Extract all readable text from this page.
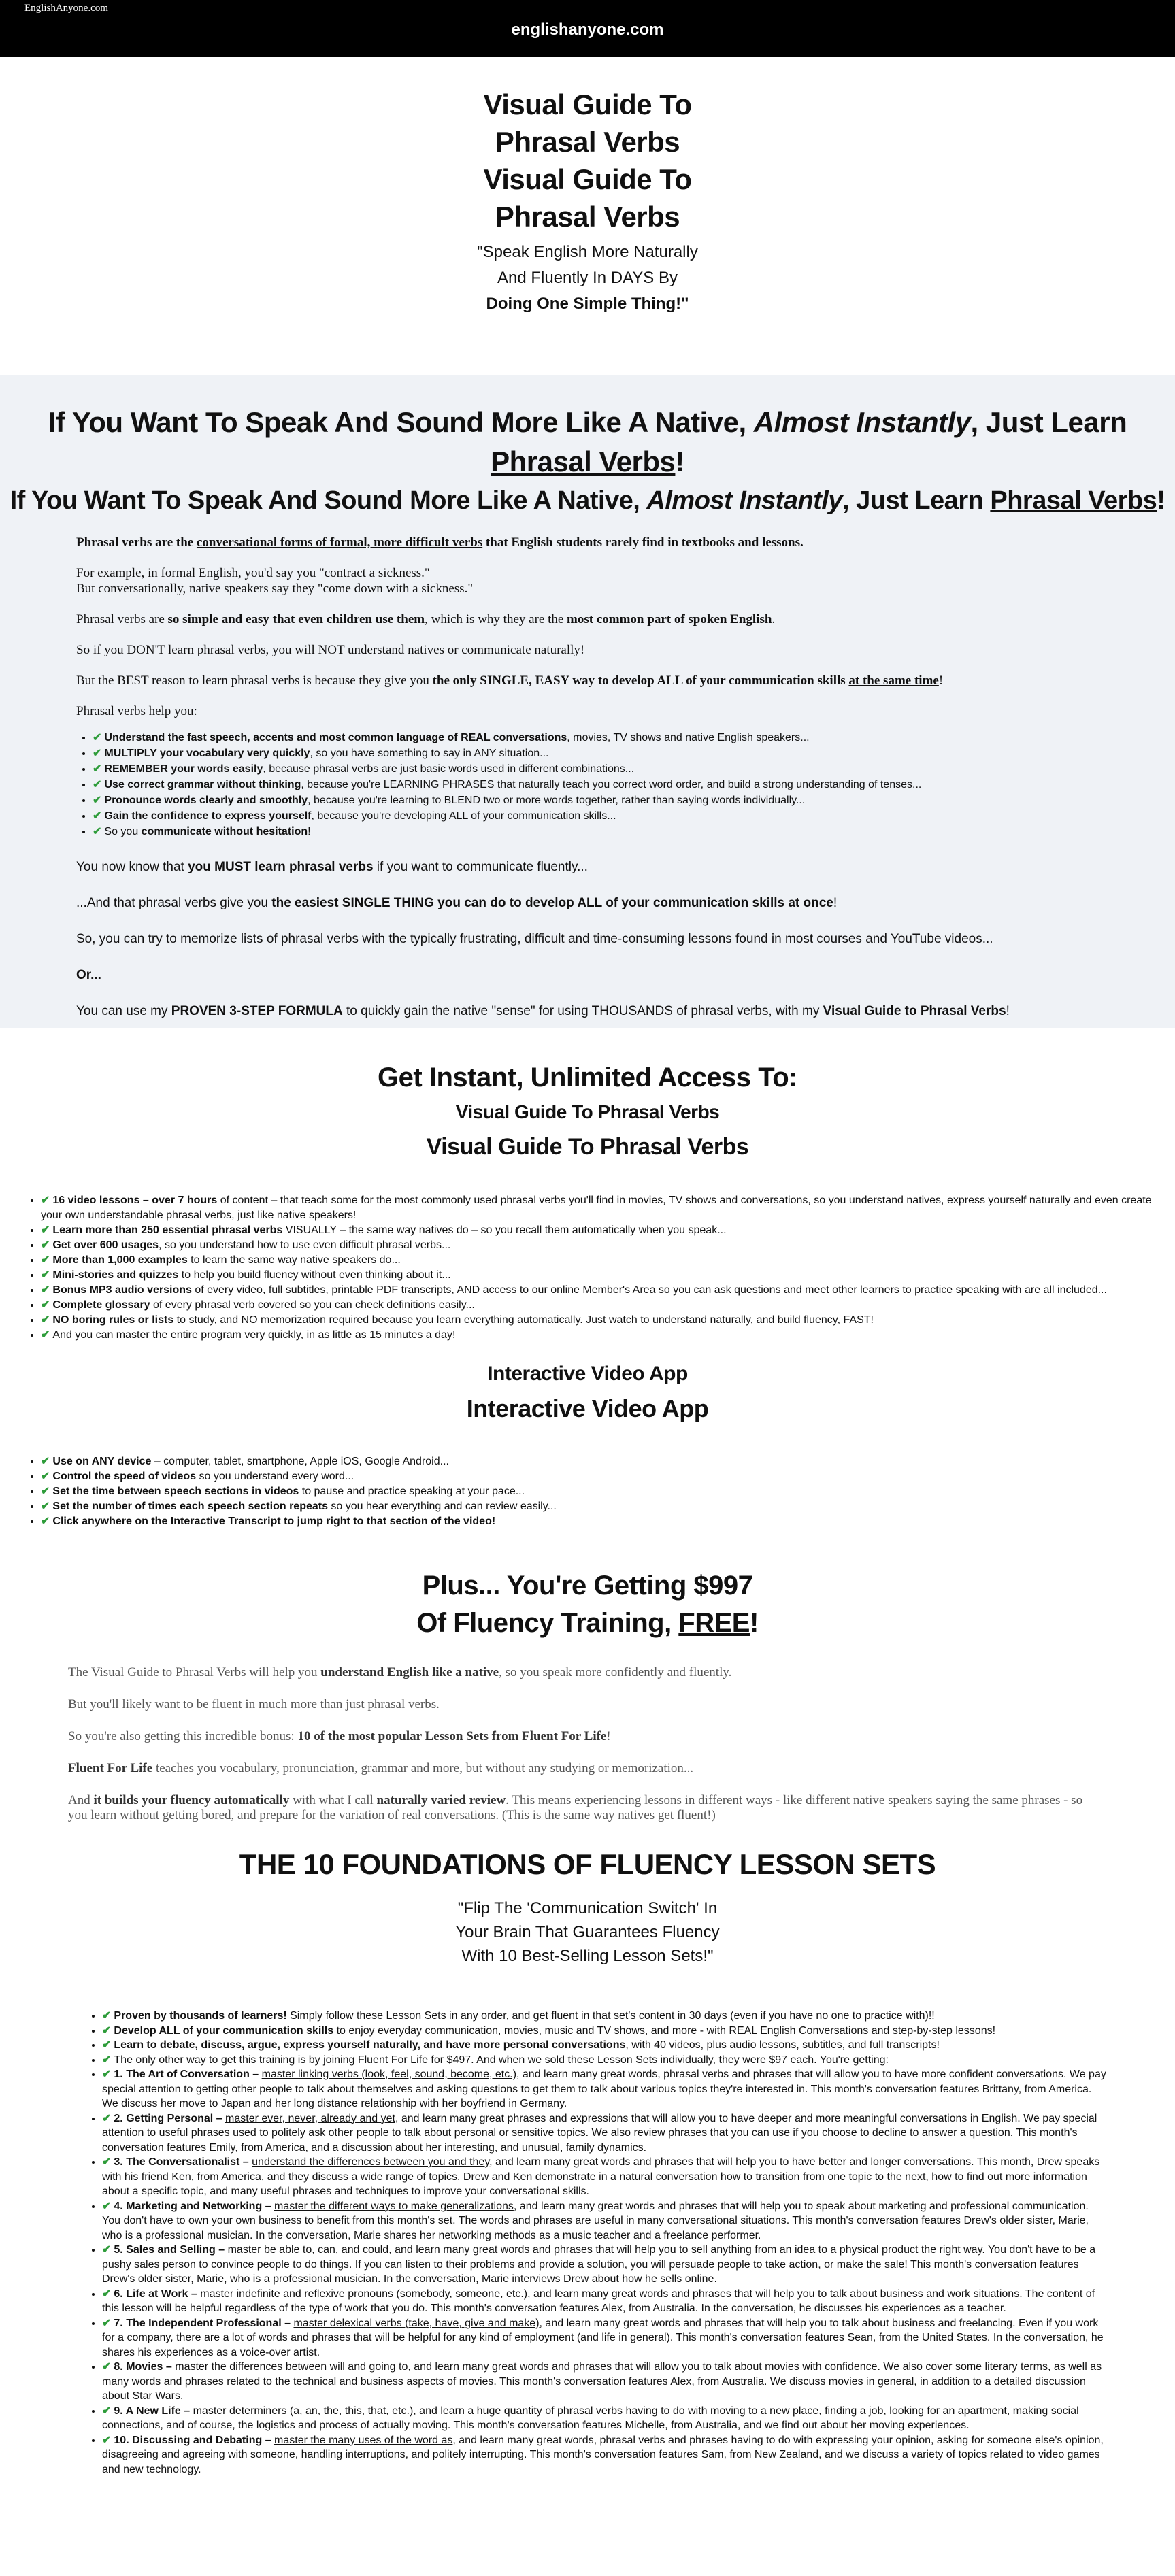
EnglishAnyone.com
englishanyone.com
Visual Guide To
Phrasal Verbs
Visual Guide To
Phrasal Verbs
"Speak English More Naturally
And Fluently In DAYS By
Doing One Simple Thing!"
If You Want To Speak And Sound More Like A Native, Almost Instantly, Just Learn Phrasal Verbs!
If You Want To Speak And Sound More Like A Native, Almost Instantly, Just Learn Phrasal Verbs!

Phrasal verbs are the conversational forms of formal, more difficult verbs that English students rarely find in textbooks and lessons.

For example, in formal English, you'd say you "contract a sickness."
But conversationally, native speakers say they "come down with a sickness."

Phrasal verbs are so simple and easy that even children use them, which is why they are the most common part of spoken English.

So if you DON'T learn phrasal verbs, you will NOT understand natives or communicate naturally!

But the BEST reason to learn phrasal verbs is because they give you the only SINGLE, EASY way to develop ALL of your communication skills at the same time!

Phrasal verbs help you:

• ✔ Understand the fast speech, accents and most common language of REAL conversations, movies, TV shows and native English speakers...
• ✔ MULTIPLY your vocabulary very quickly, so you have something to say in ANY situation...
• ✔ REMEMBER your words easily, because phrasal verbs are just basic words used in different combinations...
• ✔ Use correct grammar without thinking, because you're LEARNING PHRASES that naturally teach you correct word order, and build a strong understanding of tenses...
• ✔ Pronounce words clearly and smoothly, because you're learning to BLEND two or more words together, rather than saying words individually...
• ✔ Gain the confidence to express yourself, because you're developing ALL of your communication skills...
• ✔ So you communicate without hesitation!

You now know that you MUST learn phrasal verbs if you want to communicate fluently...

...And that phrasal verbs give you the easiest SINGLE THING you can do to develop ALL of your communication skills at once!

So, you can try to memorize lists of phrasal verbs with the typically frustrating, difficult and time-consuming lessons found in most courses and YouTube videos...

Or...

You can use my PROVEN 3-STEP FORMULA to quickly gain the native "sense" for using THOUSANDS of phrasal verbs, with my Visual Guide to Phrasal Verbs!

Get Instant, Unlimited Access To:
Visual Guide To Phrasal Verbs
Visual Guide To Phrasal Verbs
• ✔ 16 video lessons – over 7 hours of content – that teach some for the most commonly used phrasal verbs you'll find in movies, TV shows and conversations, so you understand natives, express yourself naturally and even create your own understandable phrasal verbs, just like native speakers!
• ✔ Learn more than 250 essential phrasal verbs VISUALLY – the same way natives do – so you recall them automatically when you speak...
• ✔ Get over 600 usages, so you understand how to use even difficult phrasal verbs...
• ✔ More than 1,000 examples to learn the same way native speakers do...
• ✔ Mini-stories and quizzes to help you build fluency without even thinking about it...
• ✔ Bonus MP3 audio versions of every video, full subtitles, printable PDF transcripts, AND access to our online Member's Area so you can ask questions and meet other learners to practice speaking with are all included...
• ✔ Complete glossary of every phrasal verb covered so you can check definitions easily...
• ✔ NO boring rules or lists to study, and NO memorization required because you learn everything automatically. Just watch to understand naturally, and build fluency, FAST!
• ✔ And you can master the entire program very quickly, in as little as 15 minutes a day!
Interactive Video App
Interactive Video App
• ✔ Use on ANY device – computer, tablet, smartphone, Apple iOS, Google Android...
• ✔ Control the speed of videos so you understand every word...
• ✔ Set the time between speech sections in videos to pause and practice speaking at your pace...
• ✔ Set the number of times each speech section repeats so you hear everything and can review easily...
• ✔ Click anywhere on the Interactive Transcript to jump right to that section of the video!
Plus... You're Getting $997
Of Fluency Training, FREE!

The Visual Guide to Phrasal Verbs will help you understand English like a native, so you speak more confidently and fluently.

But you'll likely want to be fluent in much more than just phrasal verbs.

So you're also getting this incredible bonus: 10 of the most popular Lesson Sets from Fluent For Life!

Fluent For Life teaches you vocabulary, pronunciation, grammar and more, but without any studying or memorization...

And it builds your fluency automatically with what I call naturally varied review. This means experiencing lessons in different ways - like different native speakers saying the same phrases - so you learn without getting bored, and prepare for the variation of real conversations. (This is the same way natives get fluent!)

THE 10 FOUNDATIONS OF FLUENCY LESSON SETS
"Flip The 'Communication Switch' In
Your Brain That Guarantees Fluency
With 10 Best-Selling Lesson Sets!"
• ✔ Proven by thousands of learners! Simply follow these Lesson Sets in any order, and get fluent in that set's content in 30 days (even if you have no one to practice with)!!
• ✔ Develop ALL of your communication skills to enjoy everyday communication, movies, music and TV shows, and more - with REAL English Conversations and step-by-step lessons!
• ✔ Learn to debate, discuss, argue, express yourself naturally, and have more personal conversations, with 40 videos, plus audio lessons, subtitles, and full transcripts!
• ✔ The only other way to get this training is by joining Fluent For Life for $497. And when we sold these Lesson Sets individually, they were $97 each. You're getting:
• ✔ 1. The Art of Conversation – master linking verbs (look, feel, sound, become, etc.), and learn many great words, phrasal verbs and phrases that will allow you to have more confident conversations. We pay special attention to getting other people to talk about themselves and asking questions to get them to talk about various topics they're interested in. This month's conversation features Brittany, from America. We discuss her move to Japan and her long distance relationship with her boyfriend in Germany.
• ✔ 2. Getting Personal – master ever, never, already and yet, and learn many great phrases and expressions that will allow you to have deeper and more meaningful conversations in English. We pay special attention to useful phrases used to politely ask other people to talk about personal or sensitive topics. We also review phrases that you can use if you choose to decline to answer a question. This month's conversation features Emily, from America, and a discussion about her interesting, and unusual, family dynamics.
• ✔ 3. The Conversationalist – understand the differences between you and they, and learn many great words and phrases that will help you to have better and longer conversations. This month, Drew speaks with his friend Ken, from America, and they discuss a wide range of topics. Drew and Ken demonstrate in a natural conversation how to transition from one topic to the next, how to find out more information about a specific topic, and many useful phrases and techniques to improve your conversational skills.
• ✔ 4. Marketing and Networking – master the different ways to make generalizations, and learn many great words and phrases that will help you to speak about marketing and professional communication. You don't have to own your own business to benefit from this month's set. The words and phrases are useful in many conversational situations. This month's conversation features Drew's older sister, Marie, who is a professional musician. In the conversation, Marie shares her networking methods as a music teacher and a freelance performer.
• ✔ 5. Sales and Selling – master be able to, can, and could, and learn many great words and phrases that will help you to sell anything from an idea to a physical product the right way. You don't have to be a pushy sales person to convince people to do things. If you can listen to their problems and provide a solution, you will persuade people to take action, or make the sale! This month's conversation features Drew's older sister, Marie, who is a professional musician. In the conversation, Marie interviews Drew about how he sells online.
• ✔ 6. Life at Work – master indefinite and reflexive pronouns (somebody, someone, etc.), and learn many great words and phrases that will help you to talk about business and work situations. The content of this lesson will be helpful regardless of the type of work that you do. This month's conversation features Alex, from Australia. In the conversation, he discusses his experiences as a teacher.
• ✔ 7. The Independent Professional – master delexical verbs (take, have, give and make), and learn many great words and phrases that will help you to talk about business and freelancing. Even if you work for a company, there are a lot of words and phrases that will be helpful for any kind of employment (and life in general). This month's conversation features Sean, from the United States. In the conversation, he shares his experiences as a voice-over artist.
• ✔ 8. Movies – master the differences between will and going to, and learn many great words and phrases that will allow you to talk about movies with confidence. We also cover some literary terms, as well as many words and phrases related to the technical and business aspects of movies. This month's conversation features Alex, from Australia. We discuss movies in general, in addition to a detailed discussion about Star Wars.
• ✔ 9. A New Life – master determiners (a, an, the, this, that, etc.), and learn a huge quantity of phrasal verbs having to do with moving to a new place, finding a job, looking for an apartment, making social connections, and of course, the logistics and process of actually moving. This month's conversation features Michelle, from Australia, and we find out about her moving experiences.
• ✔ 10. Discussing and Debating – master the many uses of the word as, and learn many great words, phrasal verbs and phrases having to do with expressing your opinion, asking for someone else's opinion, disagreeing and agreeing with someone, handling interruptions, and politely interrupting. This month's conversation features Sam, from New Zealand, and we discuss a variety of topics related to video games and new technology.
